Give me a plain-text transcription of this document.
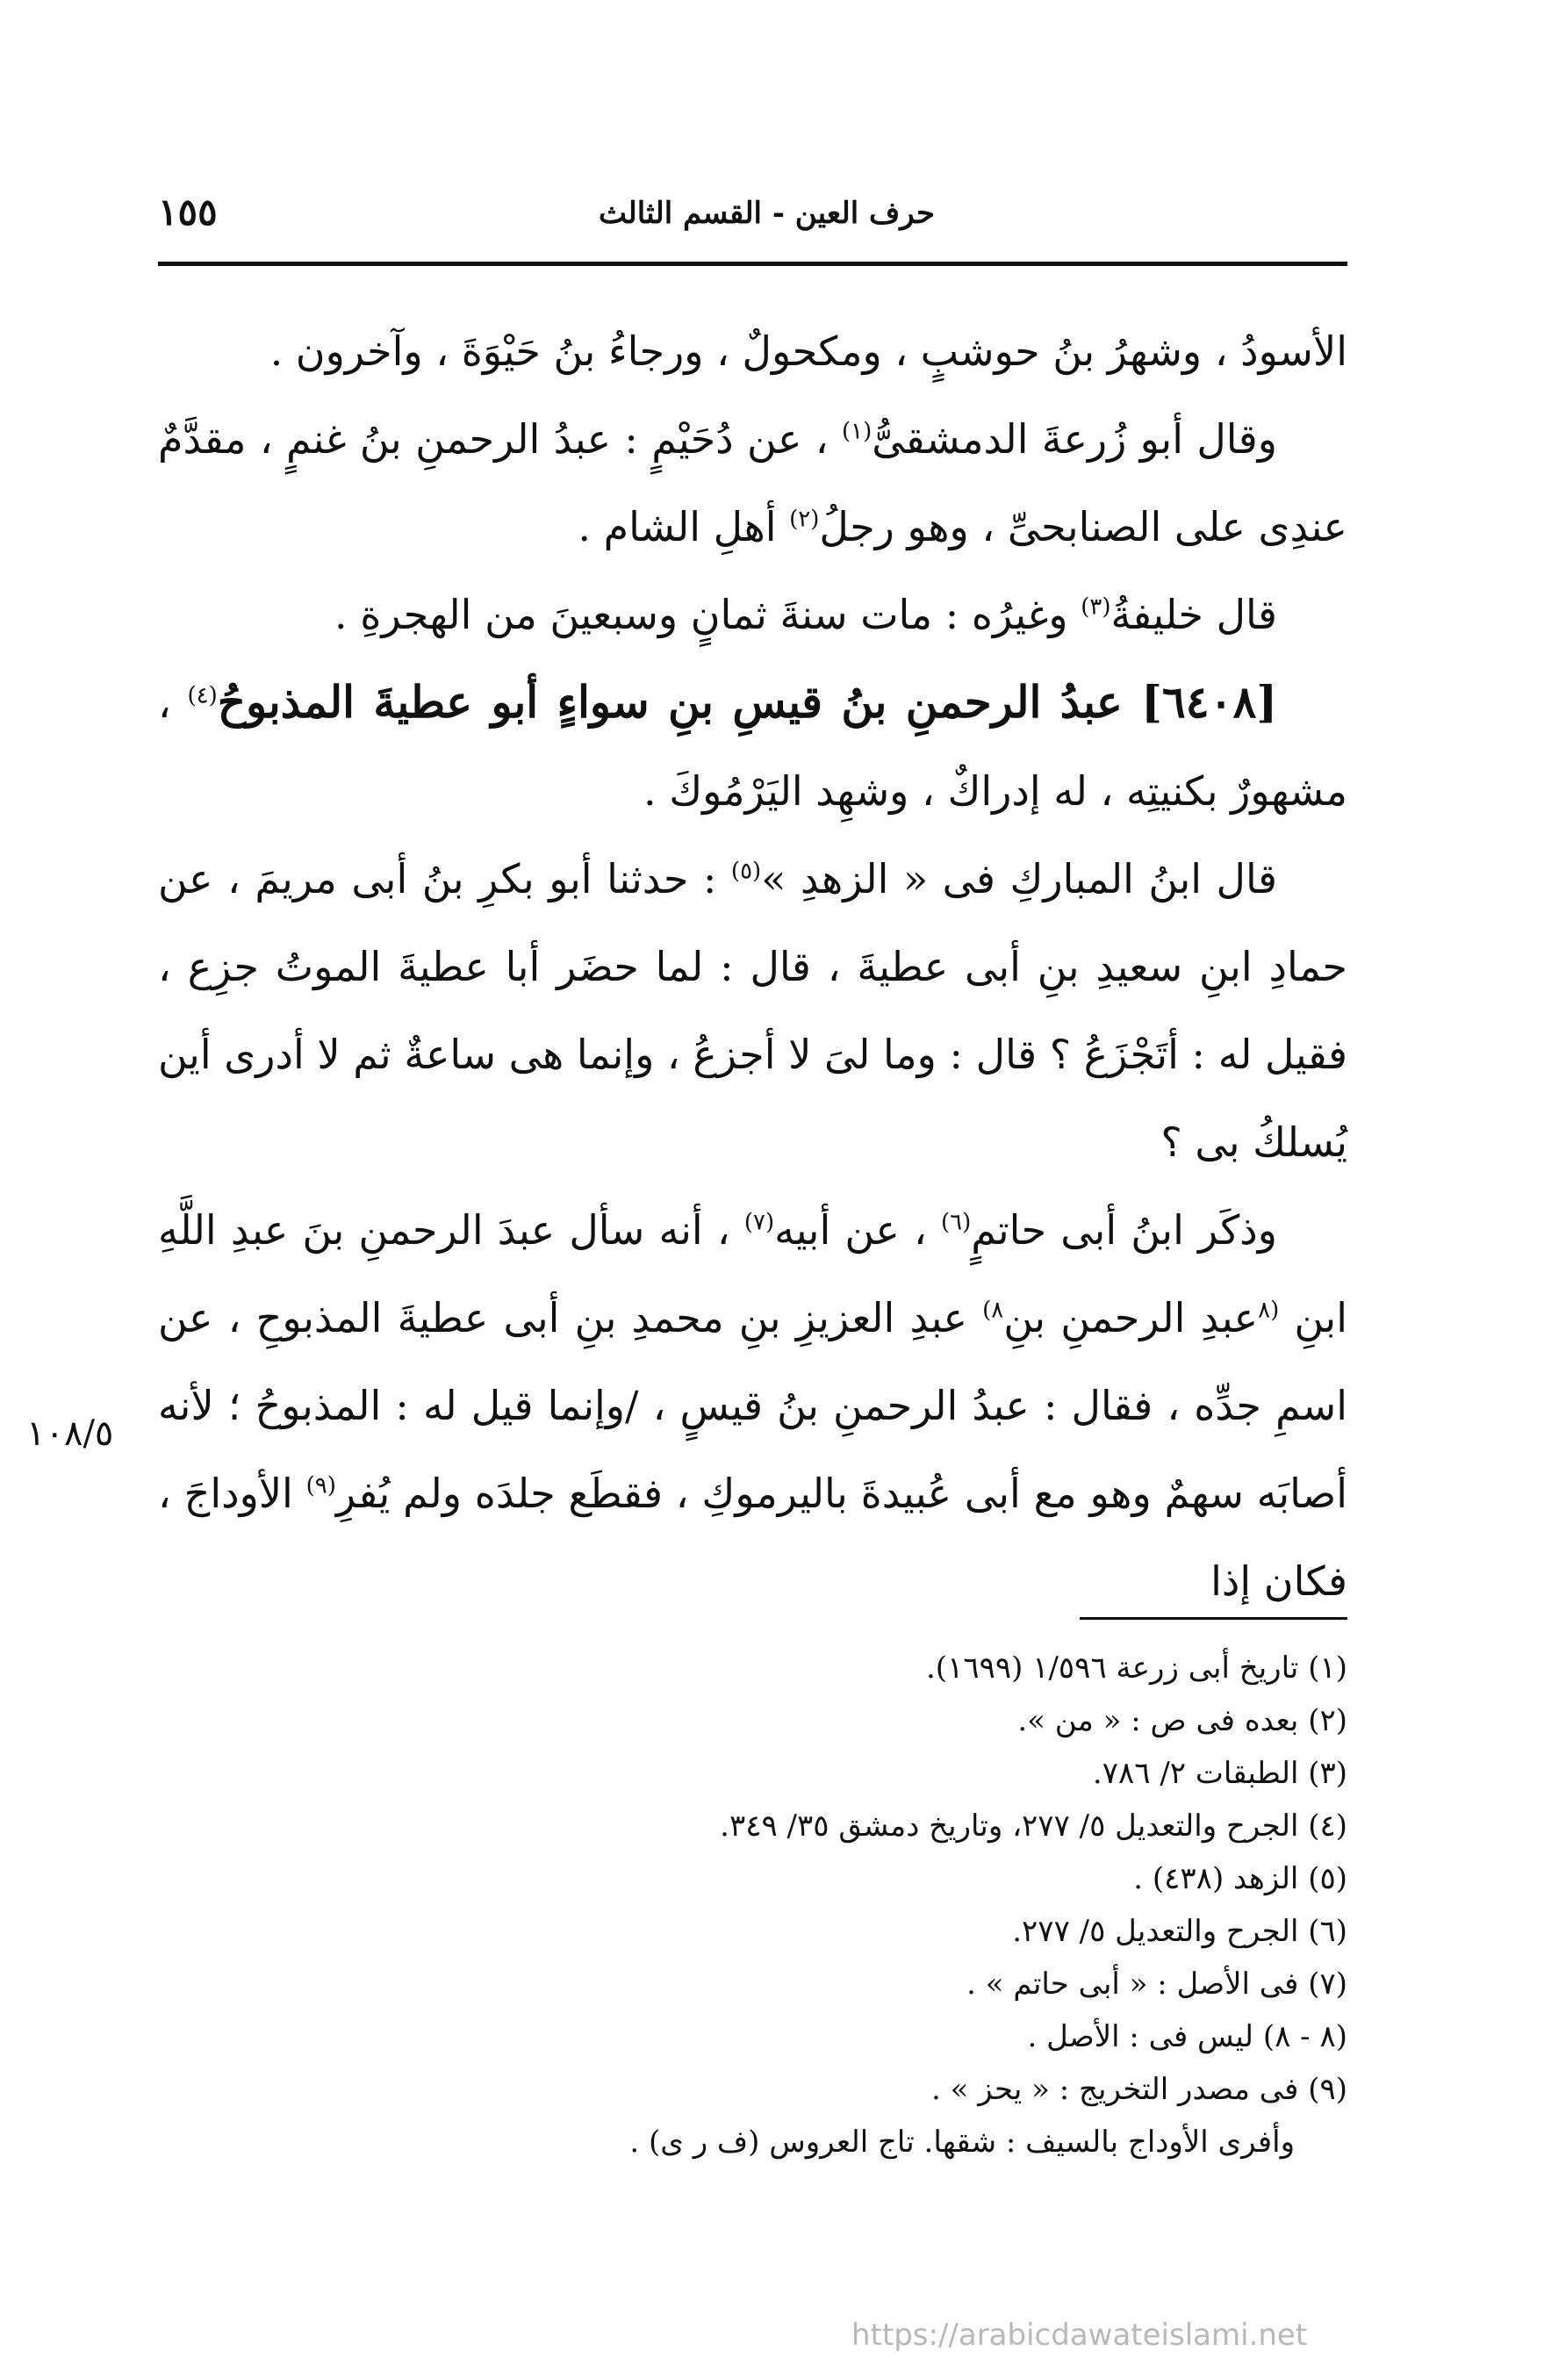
حرف العين - القسم الثالث
١٥٥

الأسودُ ، وشهرُ بنُ حوشبٍ ، ومكحولٌ ، ورجاءُ بنُ حَيْوَةَ ، وآخرون .

وقال أبو زُرعةَ الدمشقىُّ$^{(١)}$ ، عن دُحَيْمٍ : عبدُ الرحمنِ بنُ غنمٍ ، مقدَّمٌ عندِى على الصنابحىِّ ، وهو رجلُ$^{(٢)}$ أهلِ الشام .

قال خليفةُ$^{(٣)}$ وغيرُه : مات سنةَ ثمانٍ وسبعينَ من الهجرةِ .

[٦٤٠٨] عبدُ الرحمنِ بنُ قيسِ بنِ سواءٍ أبو عطيةَ المذبوحُ$^{(٤)}$ ، مشهورٌ بكنيتِه ، له إدراكٌ ، وشهِد اليَرْمُوكَ .

قال ابنُ المباركِ فى « الزهدِ »$^{(٥)}$ : حدثنا أبو بكرِ بنُ أبى مريمَ ، عن حمادِ ابنِ سعيدِ بنِ أبى عطيةَ ، قال : لما حضَر أبا عطيةَ الموتُ جزِع ، فقيل له : أتَجْزَعُ ؟ قال : وما لىَ لا أجزعُ ، وإنما هى ساعةٌ ثم لا أدرى أين يُسلكُ بى ؟

وذكَر ابنُ أبى حاتمٍ$^{(٦)}$ ، عن أبيه$^{(٧)}$ ، أنه سأل عبدَ الرحمنِ بنَ عبدِ اللَّهِ ابنِ $^{(٨}$عبدِ الرحمنِ بنِ$^{٨)}$ عبدِ العزيزِ بنِ محمدِ بنِ أبى عطيةَ المذبوحِ ، عن اسمِ جدِّه ، فقال : عبدُ الرحمنِ بنُ قيسٍ ، /وإنما قيل له : المذبوحُ ؛ لأنه أصابَه سهمٌ وهو مع أبى عُبيدةَ باليرموكِ ، فقطَع جلدَه ولم يُفرِ$^{(٩)}$ الأوداجَ ، فكان إذا

١٠٨/٥
(١) تاريخ أبى زرعة ١/٥٩٦ (١٦٩٩).
(٢) بعده فى ص : « من ».
(٣) الطبقات ٢/ ٧٨٦.
(٤) الجرح والتعديل ٥/ ٢٧٧، وتاريخ دمشق ٣٥/ ٣٤٩.
(٥) الزهد (٤٣٨) .
(٦) الجرح والتعديل ٥/ ٢٧٧.
(٧) فى الأصل : « أبى حاتم » .
(٨ - ٨) ليس فى : الأصل .
(٩) فى مصدر التخريج : « يحز » .
وأفرى الأوداج بالسيف : شقها. تاج العروس (ف ر ى) .
https://arabicdawateislami.net
